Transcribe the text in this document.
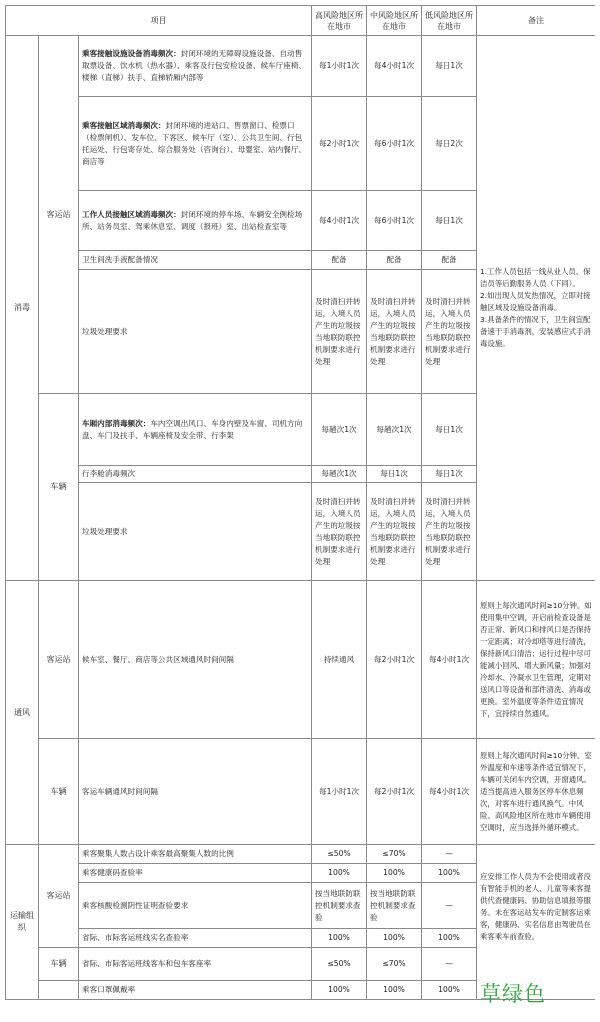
项目			高风险地区所在地市	中风险地区所在地市	低风险地区所在地市	备注
消毒	客运站	乘客接触设施设备消毒频次：封闭环境的无障碍设施设备、自动售取票设备、饮水机（热水器）、乘客及行包安检设备、候车厅座椅、楼梯（直梯）扶手、直梯轿厢内部等	每1小时1次	每4小时1次	每日1次	1.工作人员包括一线从业人员、保洁员等后勤服务人员（下同）。
2.如出现人员发热情况，立即对接触区域及设施设备消毒。
3.具备条件的情况下，卫生间宜配备速干手消毒剂，安装感应式手消毒设施。
		乘客接触区域消毒频次：封闭环境的进站口、售票窗口、检票口（检票闸机）、发车位、下客区、候车厅（室）、公共卫生间、行包托运处、行包寄存处、综合服务处（咨询台）、母婴室、站内餐厅、商店等	每2小时1次	每6小时1次	每日2次	
		工作人员接触区域消毒频次：封闭环境的停车场、车辆安全例检场所、站务员室、驾乘休息室、调度（报班）室、出站检查室等	每4小时1次	每6小时1次	每日1次	
		卫生间洗手液配备情况	配备	配备	配备	
		垃圾处理要求	及时清扫并转运，入境人员产生的垃圾按当地联防联控机制要求进行处理	及时清扫并转运，入境人员产生的垃圾按当地联防联控机制要求进行处理	及时清扫并转运，入境人员产生的垃圾按当地联防联控机制要求进行处理	
	车辆	车厢内部消毒频次：车内空调出风口、车身内壁及车窗、司机方向盘、车门及扶手、车辆座椅及安全带、行李架	每趟次1次	每趟次1次	每日1次	
		行李舱消毒频次	每趟次1次	每日1次	每日1次	
		垃圾处理要求	及时清扫并转运，入境人员产生的垃圾按当地联防联控机制要求进行处理	及时清扫并转运，入境人员产生的垃圾按当地联防联控机制要求进行处理	及时清扫并转运，入境人员产生的垃圾按当地联防联控机制要求进行处理	
通风	客运站	候车室、餐厅、商店等公共区域通风时间间隔	持续通风	每2小时1次	每4小时1次	原则上每次通风时间≥10分钟。如使用集中空调，开启前检查设备是否正常、新风口和排风口是否保持一定距离；对冷却塔等进行清洗，保持新风口清洁；运行过程中尽可能减小回风、增大新风量；加强对冷却水、冷凝水卫生管理，定期对送风口等设备和部件清洗、消毒或更换。室外温度等条件适宜情况下，宜持续自然通风。
	车辆	客运车辆通风时间间隔	每1小时1次	每2小时1次	每4小时1次	原则上每次通风时间≥10分钟。室外温度和车速等条件适宜情况下，车辆可关闭车内空调，开窗通风。适当提高进入服务区停车休息频次，对客车进行通风换气。中风险、高风险地区所在地市车辆使用空调时，应当选择外循环模式。
运输组织	客运站	乘客聚集人数占设计乘客最高聚集人数的比例	≤50%	≤70%	—	应安排工作人员为不会使用或者没有智能手机的老人、儿童等乘客提供代查健康码、协助信息填报等服务。未在客运站发车的定制客运乘客，健康码、实名信息由驾驶员在乘客乘车前查验。
		乘客健康码查验率	100%	100%	100%	
		乘客核酸检测阴性证明查验要求	按当地联防联控机制要求查验	按当地联防联控机制要求查验	—	
		省际、市际客运班线实名查验率	100%	100%	100%	
	车辆	省际、市际客运班线客车和包车客座率	≤50%	≤70%	—	
		乘客口罩佩戴率	100%	100%	100%	草绿色
